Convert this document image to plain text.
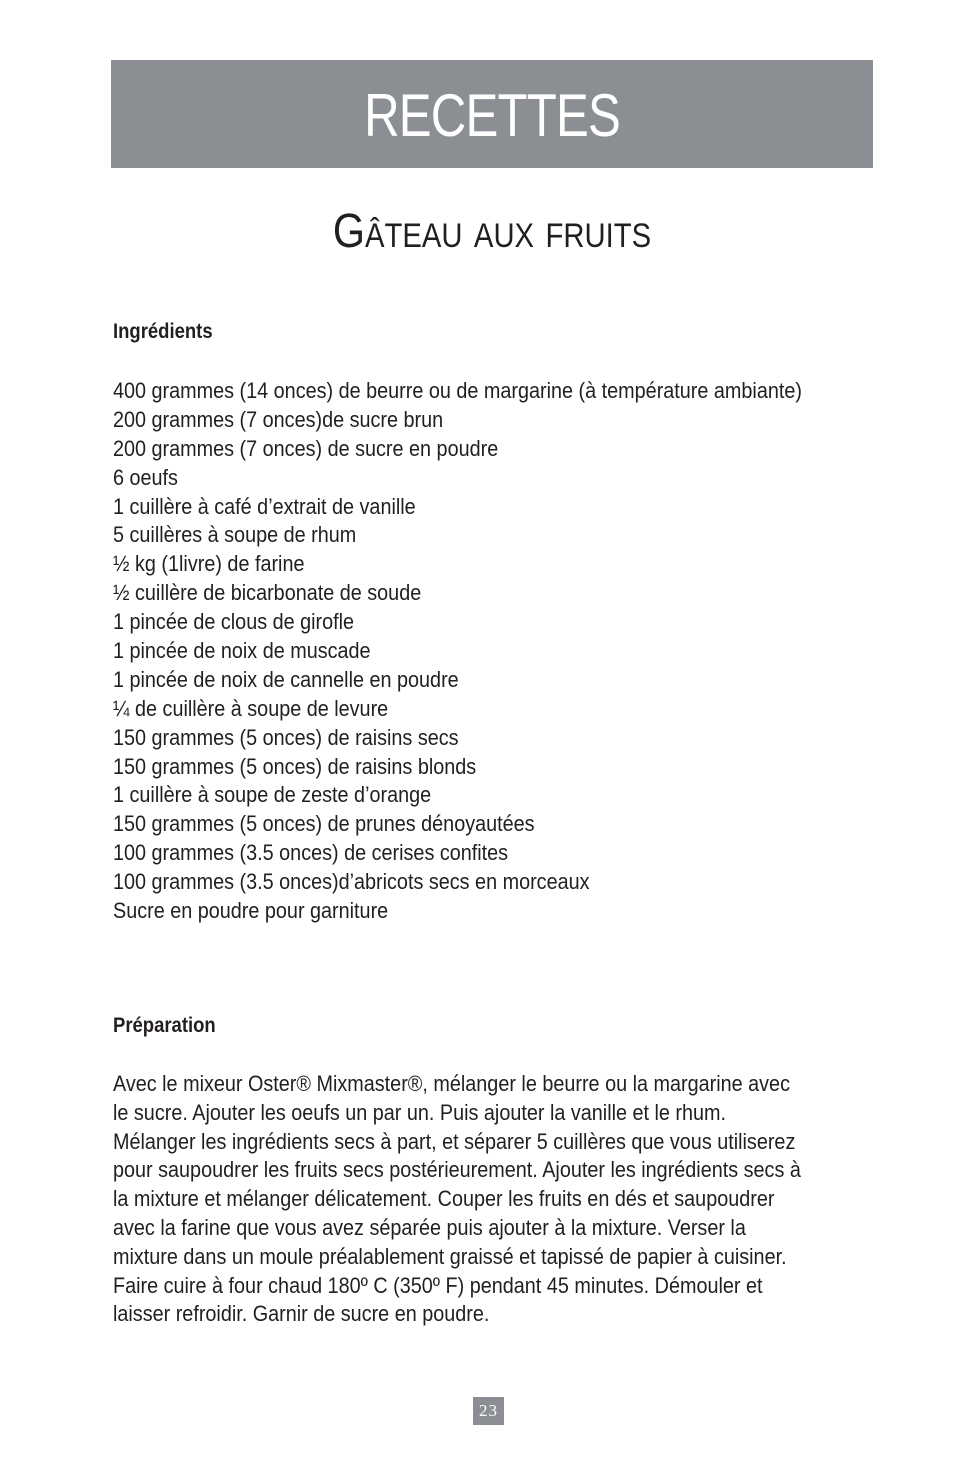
RECETTES
Gâteau aux fruits
Ingrédients
400 grammes (14 onces) de beurre ou de margarine (à température ambiante)
200 grammes (7 onces)de sucre brun
200 grammes (7 onces) de sucre en poudre
6 oeufs
1 cuillère à café d’extrait de vanille
5 cuillères à soupe de rhum
½ kg (1livre) de farine
½ cuillère de bicarbonate de soude
1 pincée de clous de girofle
1 pincée de noix de muscade
1 pincée de noix de cannelle en poudre
¼ de cuillère à soupe de levure
150 grammes (5 onces) de raisins secs
150 grammes (5 onces) de raisins blonds
1 cuillère à soupe de zeste d’orange
150 grammes (5 onces) de prunes dénoyautées
100 grammes (3.5 onces) de cerises confites
100 grammes (3.5 onces)d’abricots secs en morceaux
Sucre en poudre pour garniture
Préparation

Avec le mixeur Oster® Mixmaster®, mélanger le beurre ou la margarine avec
le sucre. Ajouter les oeufs un par un. Puis ajouter la vanille et le rhum.
Mélanger les ingrédients secs à part, et séparer 5 cuillères que vous utiliserez
pour saupoudrer les fruits secs postérieurement. Ajouter les ingrédients secs à
la mixture et mélanger délicatement. Couper les fruits en dés et saupoudrer
avec la farine que vous avez séparée puis ajouter à la mixture. Verser la
mixture dans un moule préalablement graissé et tapissé de papier à cuisiner.
Faire cuire à four chaud 180º C (350º F) pendant 45 minutes. Démouler et
laisser refroidir. Garnir de sucre en poudre.

23
